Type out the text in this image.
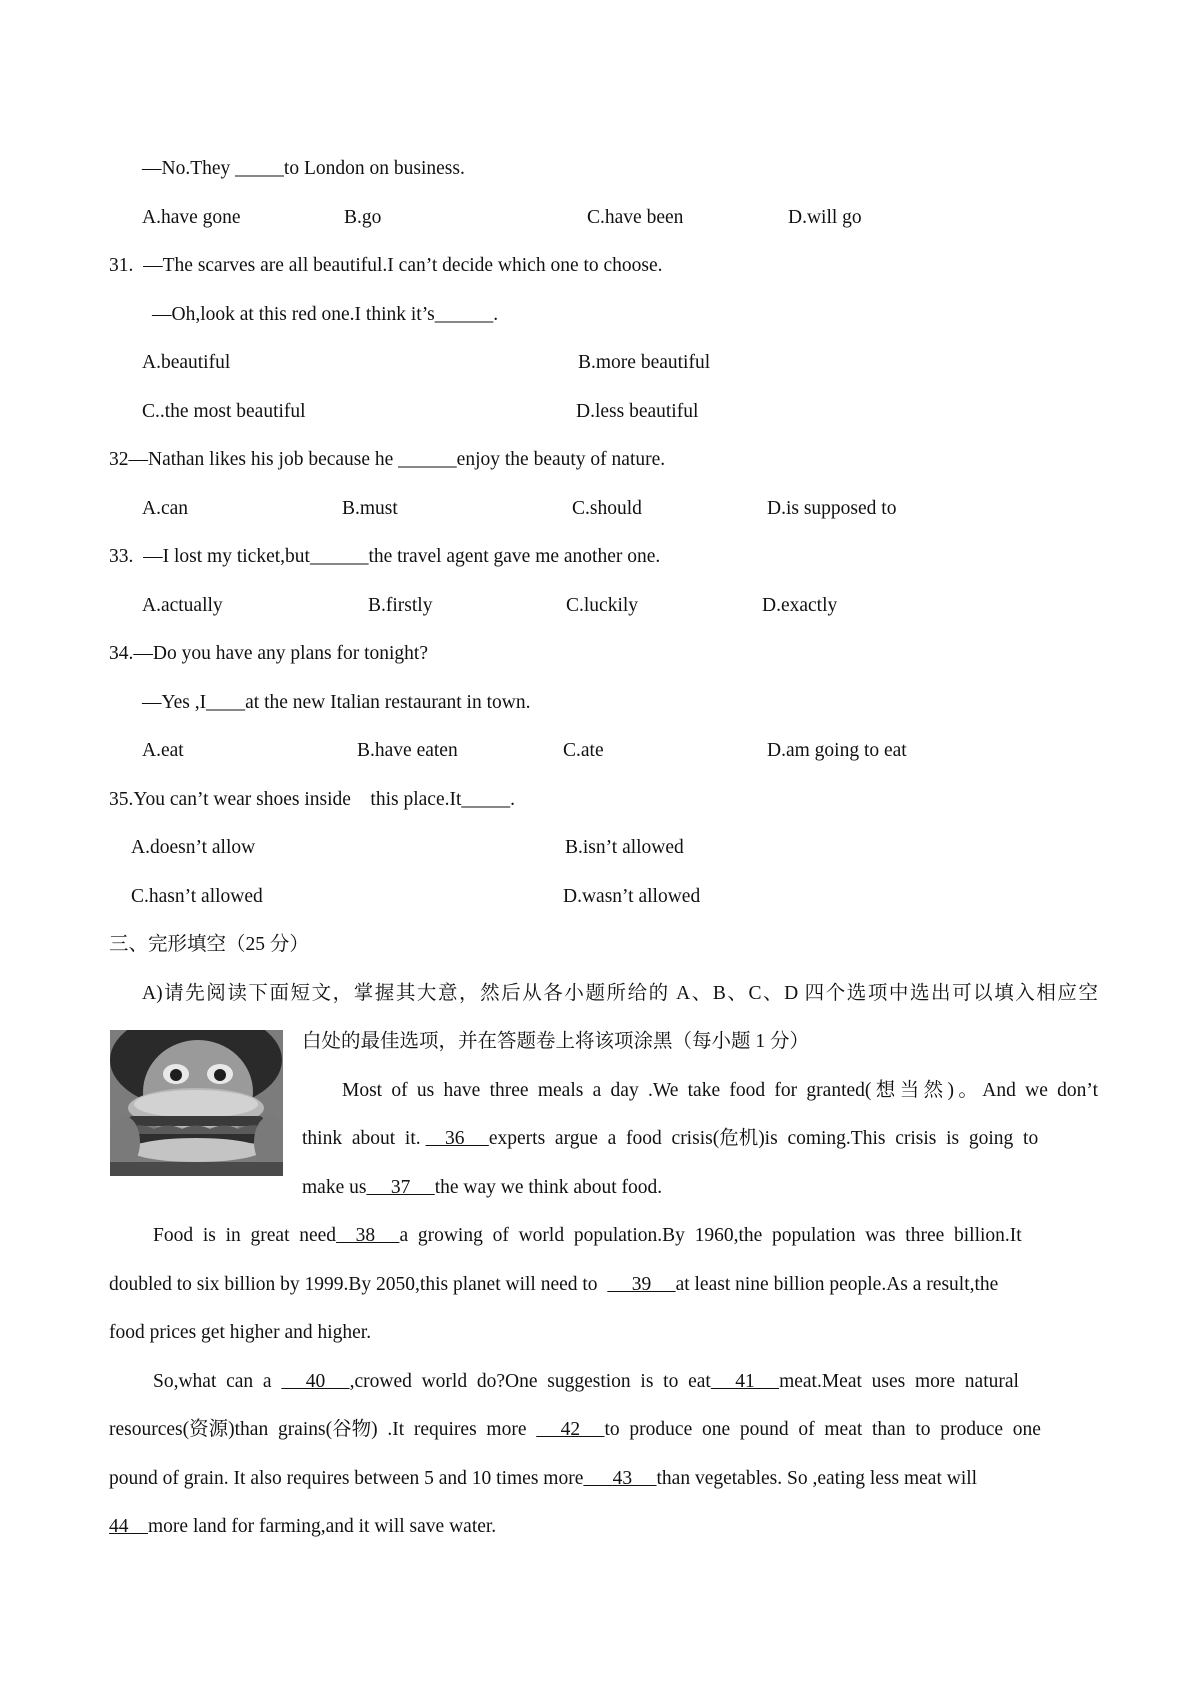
—No.They _____to London on business.
A.have gone	B.go	C.have been	D.will go
31.  —The scarves are all beautiful.I can’t decide which one to choose.
—Oh,look at this red one.I think it’s______.
A.beautiful	B.more beautiful
C..the most beautiful	D.less beautiful
32—Nathan likes his job because he ______enjoy the beauty of nature.
A.can	B.must	C.should	D.is supposed to
33.  —I lost my ticket,but______the travel agent gave me another one.
A.actually	B.firstly	C.luckily	D.exactly
34.—Do you have any plans for tonight?
—Yes ,I____at the new Italian restaurant in town.
A.eat	B.have eaten	C.ate	D.am going to eat
35.You can’t wear shoes inside    this place.It_____.
A.doesn’t allow	B.isn’t allowed
C.hasn’t allowed	D.wasn’t allowed
三、完形填空（25 分）
A)请先阅读下面短文，掌握其大意，然后从各小题所给的 A、B、C、D 四个选项中选出可以填入相应空
白处的最佳选项，并在答题卷上将该项涂黑（每小题 1 分）
Most of us have three meals a day .We take food for granted(想当然)。And we don’t
think  about  it.     36     experts  argue  a  food  crisis(危机)is  coming.This  crisis  is  going  to
make us     37     the way we think about food.
Food  is  in  great  need    38     a  growing  of  world  population.By  1960,the  population  was  three  billion.It
doubled to six billion by 1999.By 2050,this planet will need to       39     at least nine billion people.As a result,the
food prices get higher and higher.
So,what  can  a       40     ,crowed  world  do?One  suggestion  is  to  eat     41     meat.Meat  uses  more  natural
resources(资源)than  grains(谷物)  .It  requires  more       42     to  produce  one  pound  of  meat  than  to  produce  one
pound of grain. It also requires between 5 and 10 times more      43     than vegetables. So ,eating less meat will
44    more land for farming,and it will save water.
